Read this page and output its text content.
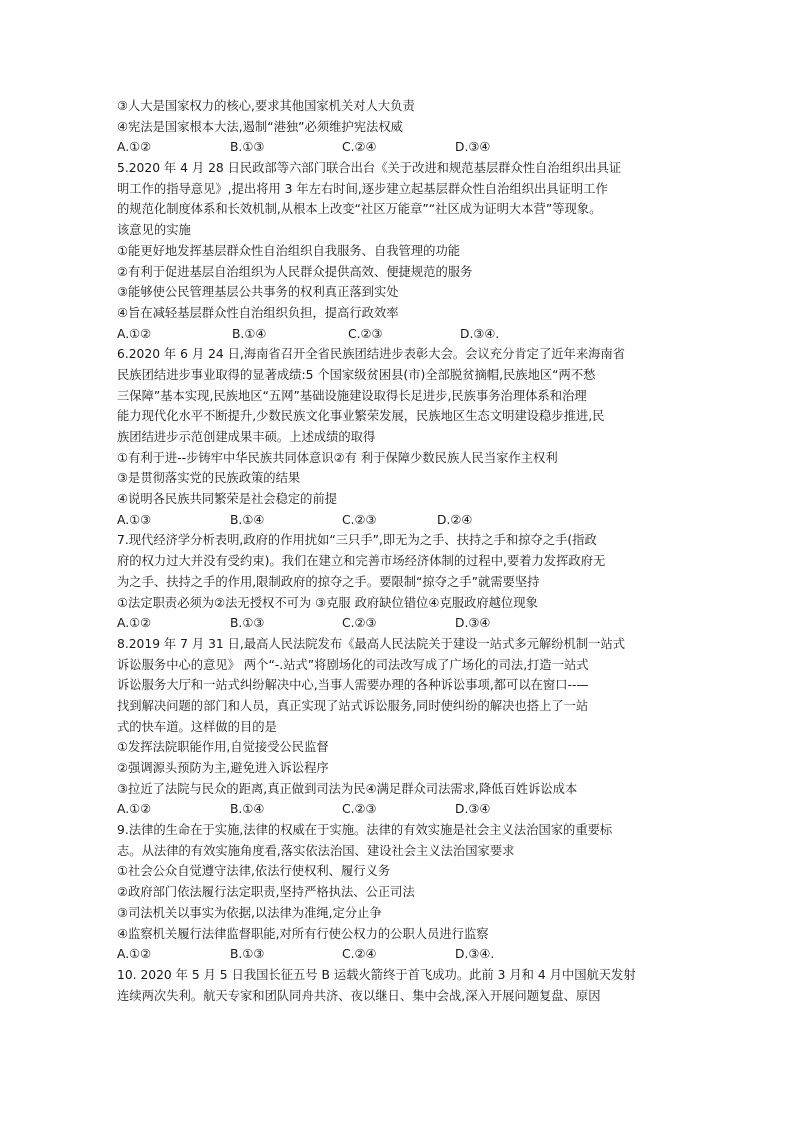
③人大是国家权力的核心,要求其他国家机关对人大负责
④宪法是国家根本大法,遏制“港独”必须维护宪法权威
A.①②	B.①③	C.②④	D.③④
5.2020 年 4 月 28 日民政部等六部门联合出台《关于改进和规范基层群众性自治组织出具证
明工作的指导意见》,提出将用 3 年左右时间,逐步建立起基层群众性自治组织出具证明工作
的规范化制度体系和长效机制,从根本上改变“社区万能章”“社区成为证明大本营”等现象。
该意见的实施
①能更好地发挥基层群众性自治组织自我服务、自我管理的功能
②有利于促进基层自治组织为人民群众提供高效、便捷规范的服务
③能够使公民管理基层公共事务的权利真正落到实处
④旨在减轻基层群众性自治组织负担，提高行政效率
A.①②	B.①④	C.②③	D.③④.
6.2020 年 6 月 24 日,海南省召开全省民族团结进步表彰大会。会议充分肯定了近年来海南省
民族团结进步事业取得的显著成绩:5 个国家级贫困县(市)全部脱贫摘帽,民族地区“两不愁
三保障”基本实现,民族地区“五网”基础设施建设取得长足进步,民族事务治理体系和治理
能力现代化水平不断提升,少数民族文化事业繁荣发展，民族地区生态文明建设稳步推进,民
族团结进步示范创建成果丰硕。上述成绩的取得
①有利于进--步铸牢中华民族共同体意识②有 利于保障少数民族人民当家作主权利
③是贯彻落实党的民族政策的结果
④说明各民族共同繁荣是社会稳定的前提
A.①③	B.①④	C.②③	D.②④
7.现代经济学分析表明,政府的作用扰如“三只手”,即无为之手、扶持之手和掠夺之手(指政
府的权力过大并没有受约束)。我们在建立和完善市场经济体制的过程中,要着力发挥政府无
为之手、扶持之手的作用,限制政府的掠夺之手。要限制“掠夺之手”就需要坚持
①法定职责必须为②法无授权不可为 ③克服 政府缺位错位④克服政府越位现象
A.①②	B.①③	C.②③	D.③④
8.2019 年 7 月 31 日,最高人民法院发布《最高人民法院关于建设一站式多元解纷机制一站式
诉讼服务中心的意见》 两个“-.站式”将剧场化的司法改写成了广场化的司法,打造一站式
诉讼服务大厅和一站式纠纷解决中心,当事人需要办理的各种诉讼事项,都可以在窗口--—
找到解决问题的部门和人员，真正实现了站式诉讼服务,同时使纠纷的解决也搭上了一站
式的快车道。这样做的目的是
①发挥法院职能作用,自觉接受公民监督
②强调源头预防为主,避免进入诉讼程序
③拉近了法院与民众的距离,真正做到司法为民④满足群众司法需求,降低百姓诉讼成本
A.①②	B.①④	C.②③	D.③④
9.法律的生命在于实施,法律的权威在于实施。法律的有效实施是社会主义法治国家的重要标
志。从法律的有效实施角度看,落实依法治国、建设社会主义法治国家要求
①社会公众自觉遵守法律,依法行使权利、履行义务
②政府部门依法履行法定职责,坚持严格执法、公正司法
③司法机关以事实为依据,以法律为准绳,定分止争
④监察机关履行法律监督职能,对所有行使公权力的公职人员进行监察
A.①②	B.①③	C.②④	D.③④.
10. 2020 年 5 月 5 日我国长征五号 B 运载火箭终于首飞成功。此前 3 月和 4 月中国航天发射
连续两次失利。航天专家和团队同舟共济、夜以继日、集中会战,深入开展问题复盘、原因
